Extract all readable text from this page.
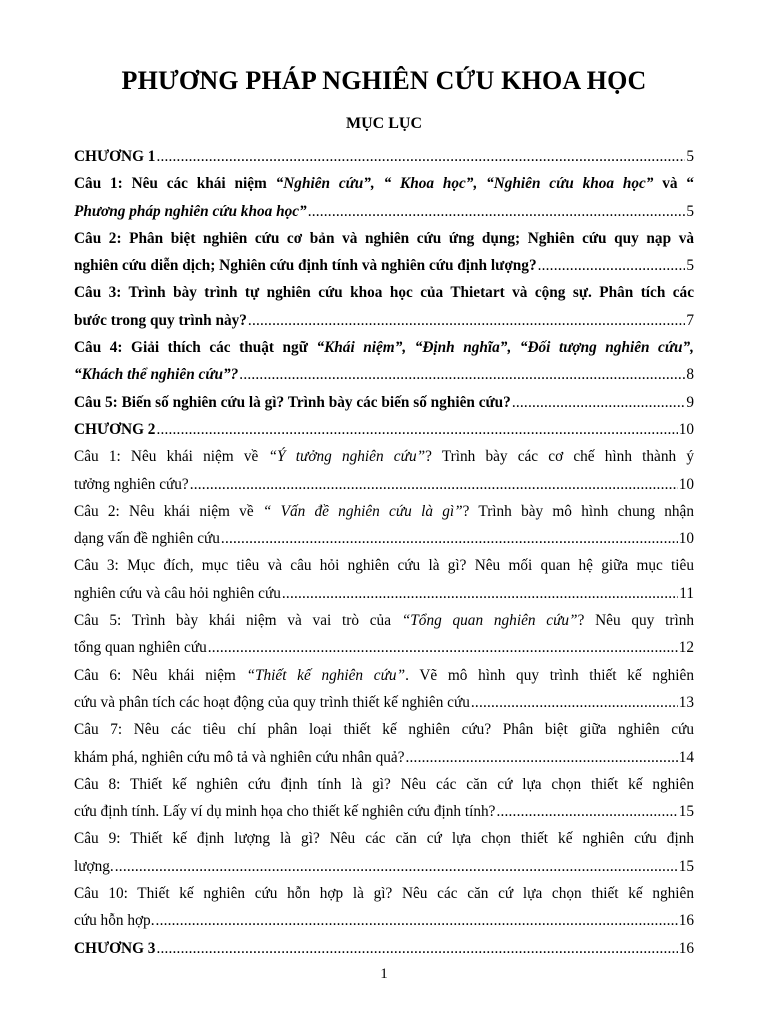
PHƯƠNG PHÁP NGHIÊN CỨU KHOA HỌC
MỤC LỤC
CHƯƠNG 1 .....	5
Câu 1: Nêu các khái niệm “Nghiên cứu”, “ Khoa học”, “Nghiên cứu khoa học” và “
Phương pháp nghiên cứu khoa học” .....	5
Câu 2: Phân biệt nghiên cứu cơ bản và nghiên cứu ứng dụng; Nghiên cứu quy nạp và
nghiên cứu diễn dịch; Nghiên cứu định tính và nghiên cứu định lượng? .....	5
Câu 3: Trình bày trình tự nghiên cứu khoa học của Thietart và cộng sự. Phân tích các
bước trong quy trình này? .....	7
Câu 4: Giải thích các thuật ngữ “Khái niệm”, “Định nghĩa”, “Đối tượng nghiên cứu”,
“Khách thể nghiên cứu”? .....	8
Câu 5: Biến số nghiên cứu là gì? Trình bày các biến số nghiên cứu? .....	9
CHƯƠNG 2 .....	10
Câu 1: Nêu khái niệm về “Ý tưởng nghiên cứu”? Trình bày các cơ chế hình thành ý
tưởng nghiên cứu? .....	10
Câu 2: Nêu khái niệm về “ Vấn đề nghiên cứu là gì”? Trình bày mô hình chung nhận
dạng vấn đề nghiên cứu .....	10
Câu 3: Mục đích, mục tiêu và câu hỏi nghiên cứu là gì? Nêu mối quan hệ giữa mục tiêu
nghiên cứu và câu hỏi nghiên cứu .....	11
Câu 5: Trình bày khái niệm và vai trò của “Tổng quan nghiên cứu”? Nêu quy trình
tổng quan nghiên cứu .....	12
Câu 6: Nêu khái niệm “Thiết kế nghiên cứu”. Vẽ mô hình quy trình thiết kế nghiên
cứu và phân tích các hoạt động của quy trình thiết kế nghiên cứu .....	13
Câu 7: Nêu các tiêu chí phân loại thiết kế nghiên cứu? Phân biệt giữa nghiên cứu
khám phá, nghiên cứu mô tả và nghiên cứu nhân quả? .....	14
Câu 8: Thiết kế nghiên cứu định tính là gì? Nêu các căn cứ lựa chọn thiết kế nghiên
cứu định tính. Lấy ví dụ minh họa cho thiết kế nghiên cứu định tính? .....	15
Câu 9: Thiết kế định lượng là gì? Nêu các căn cứ lựa chọn thiết kế nghiên cứu định
lượng. .....	15
Câu 10: Thiết kế nghiên cứu hỗn hợp là gì? Nêu các căn cứ lựa chọn thiết kế nghiên
cứu hỗn hợp. .....	16
CHƯƠNG 3 .....	16
1
